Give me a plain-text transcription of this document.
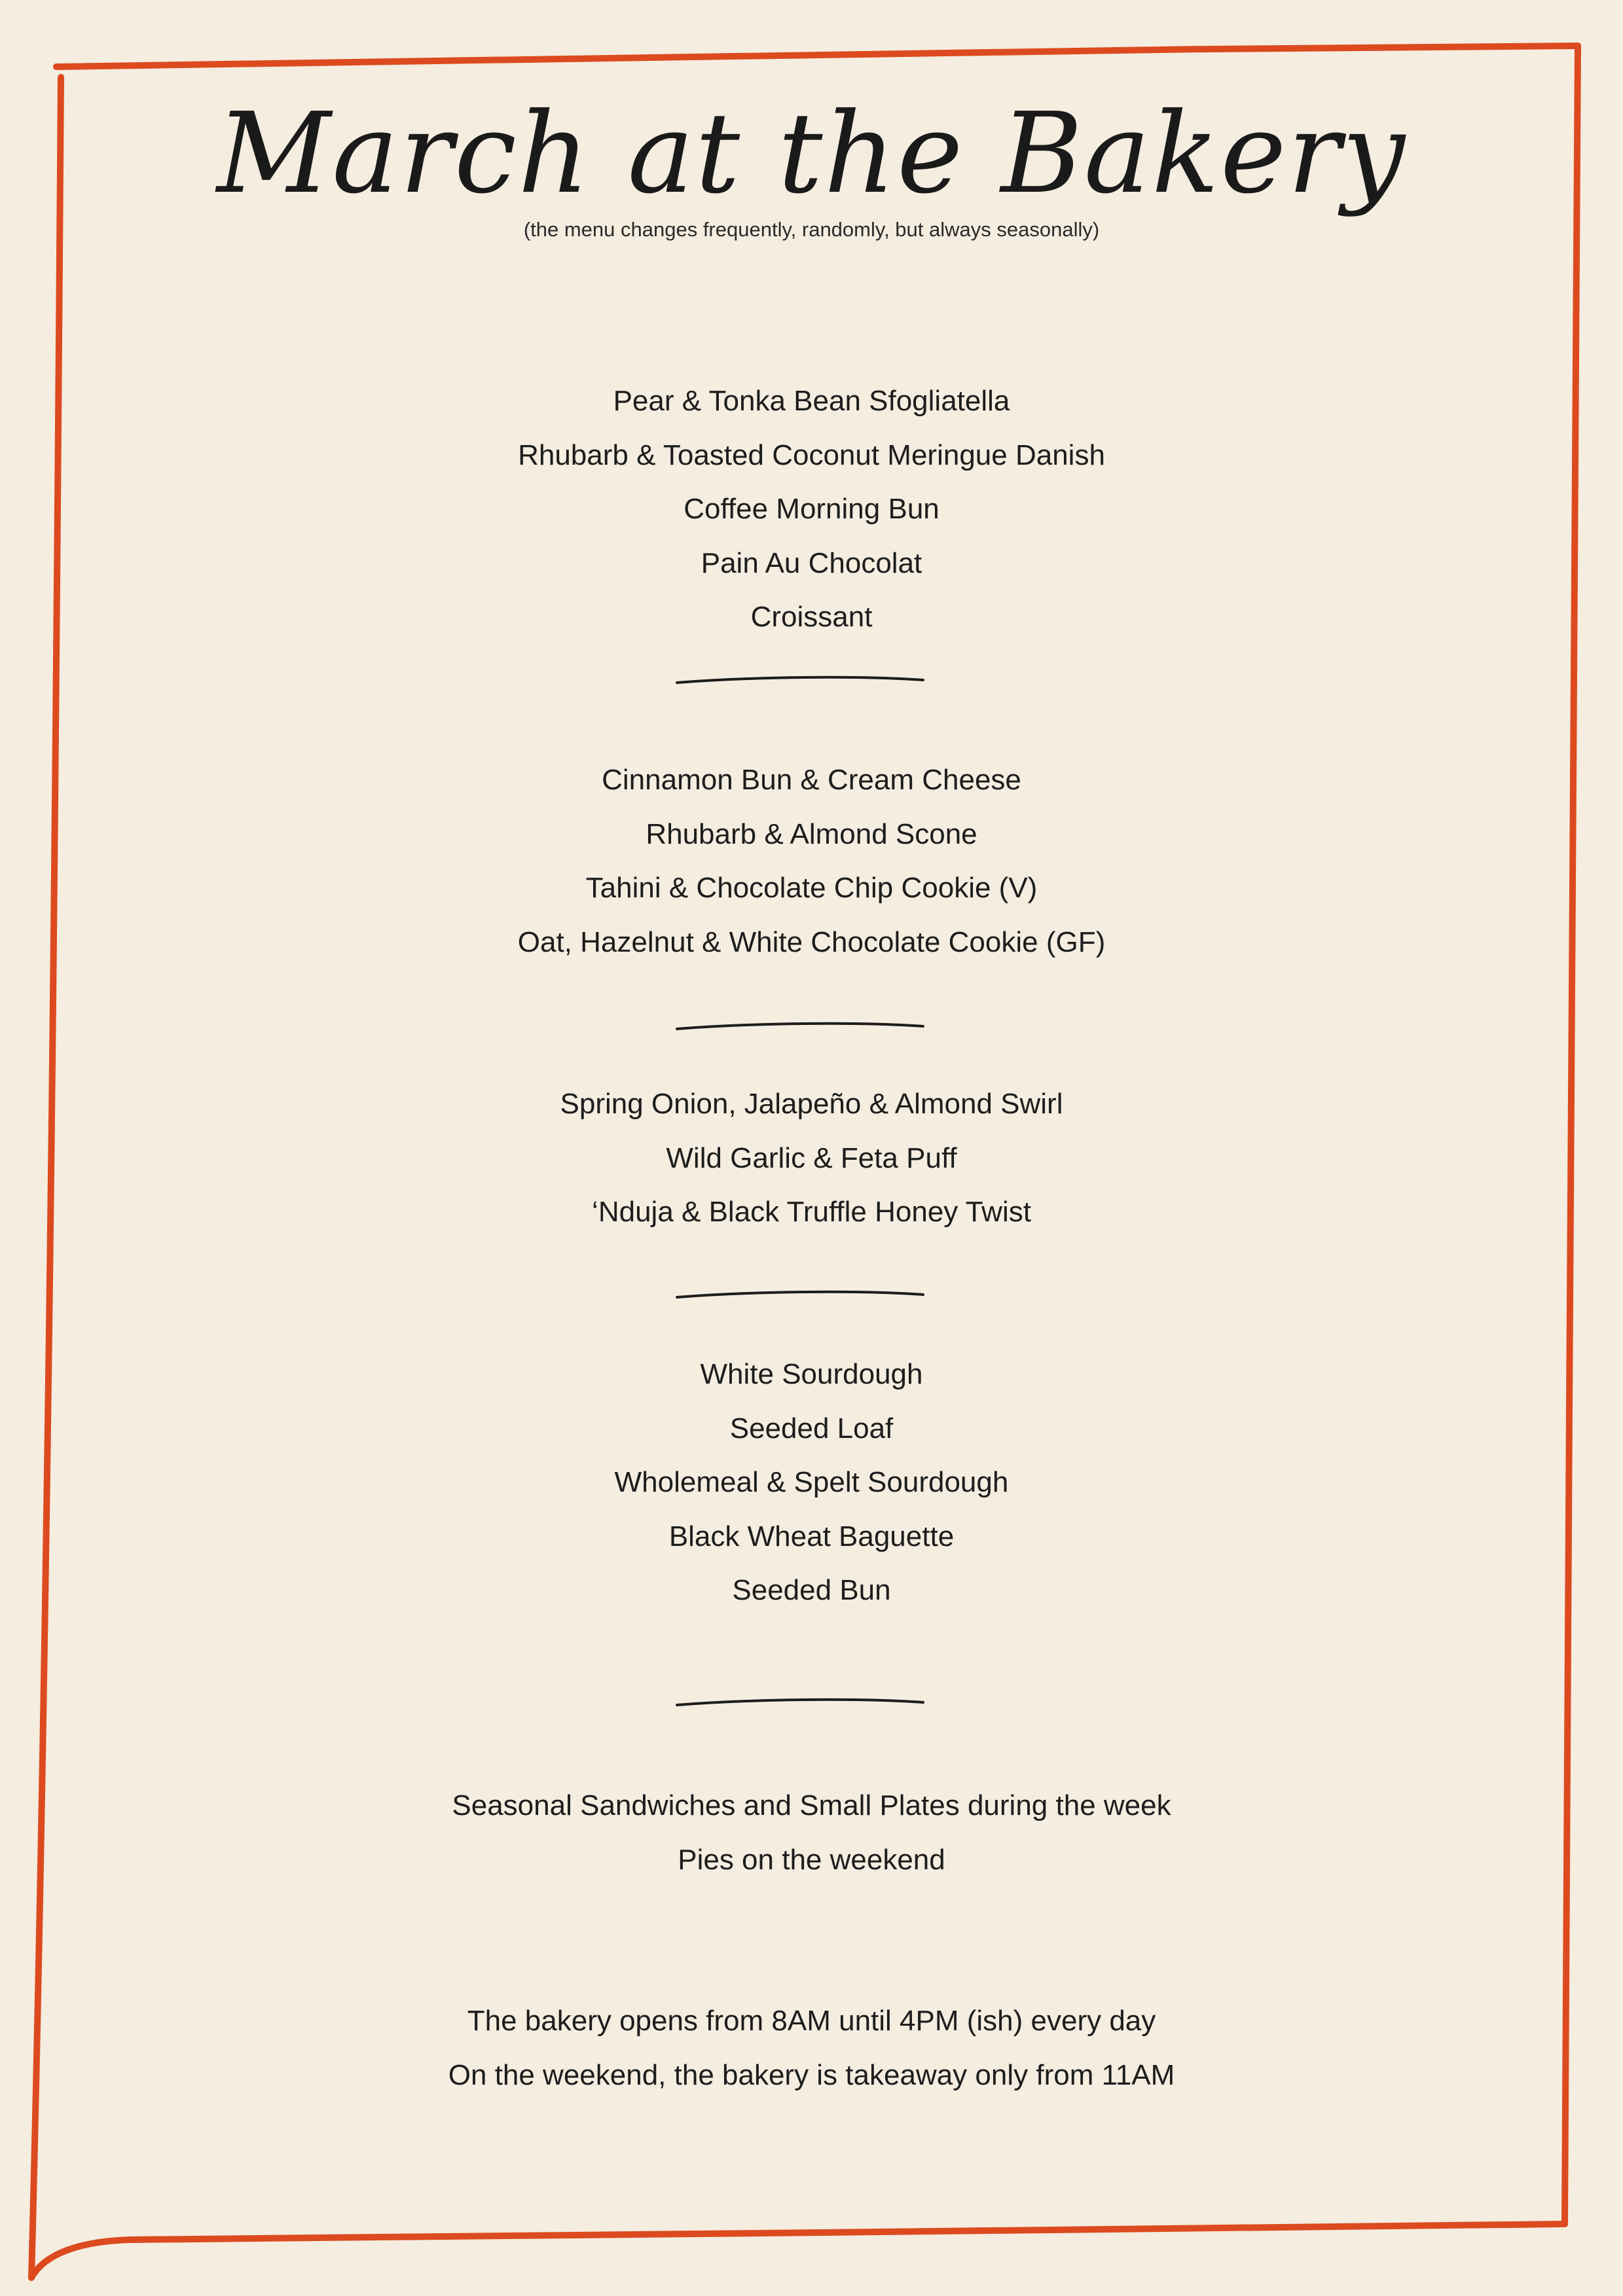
March at the Bakery
(the menu changes frequently, randomly, but always seasonally)
Pear & Tonka Bean Sfogliatella
Rhubarb & Toasted Coconut Meringue Danish
Coffee Morning Bun
Pain Au Chocolat
Croissant
Cinnamon Bun & Cream Cheese
Rhubarb & Almond Scone
Tahini & Chocolate Chip Cookie (V)
Oat, Hazelnut & White Chocolate Cookie (GF)
Spring Onion, Jalapeño & Almond Swirl
Wild Garlic & Feta Puff
‘Nduja & Black Truffle Honey Twist
White Sourdough
Seeded Loaf
Wholemeal & Spelt Sourdough
Black Wheat Baguette
Seeded Bun
Seasonal Sandwiches and Small Plates during the week
Pies on the weekend
The bakery opens from 8AM until 4PM (ish) every day
On the weekend, the bakery is takeaway only from 11AM
